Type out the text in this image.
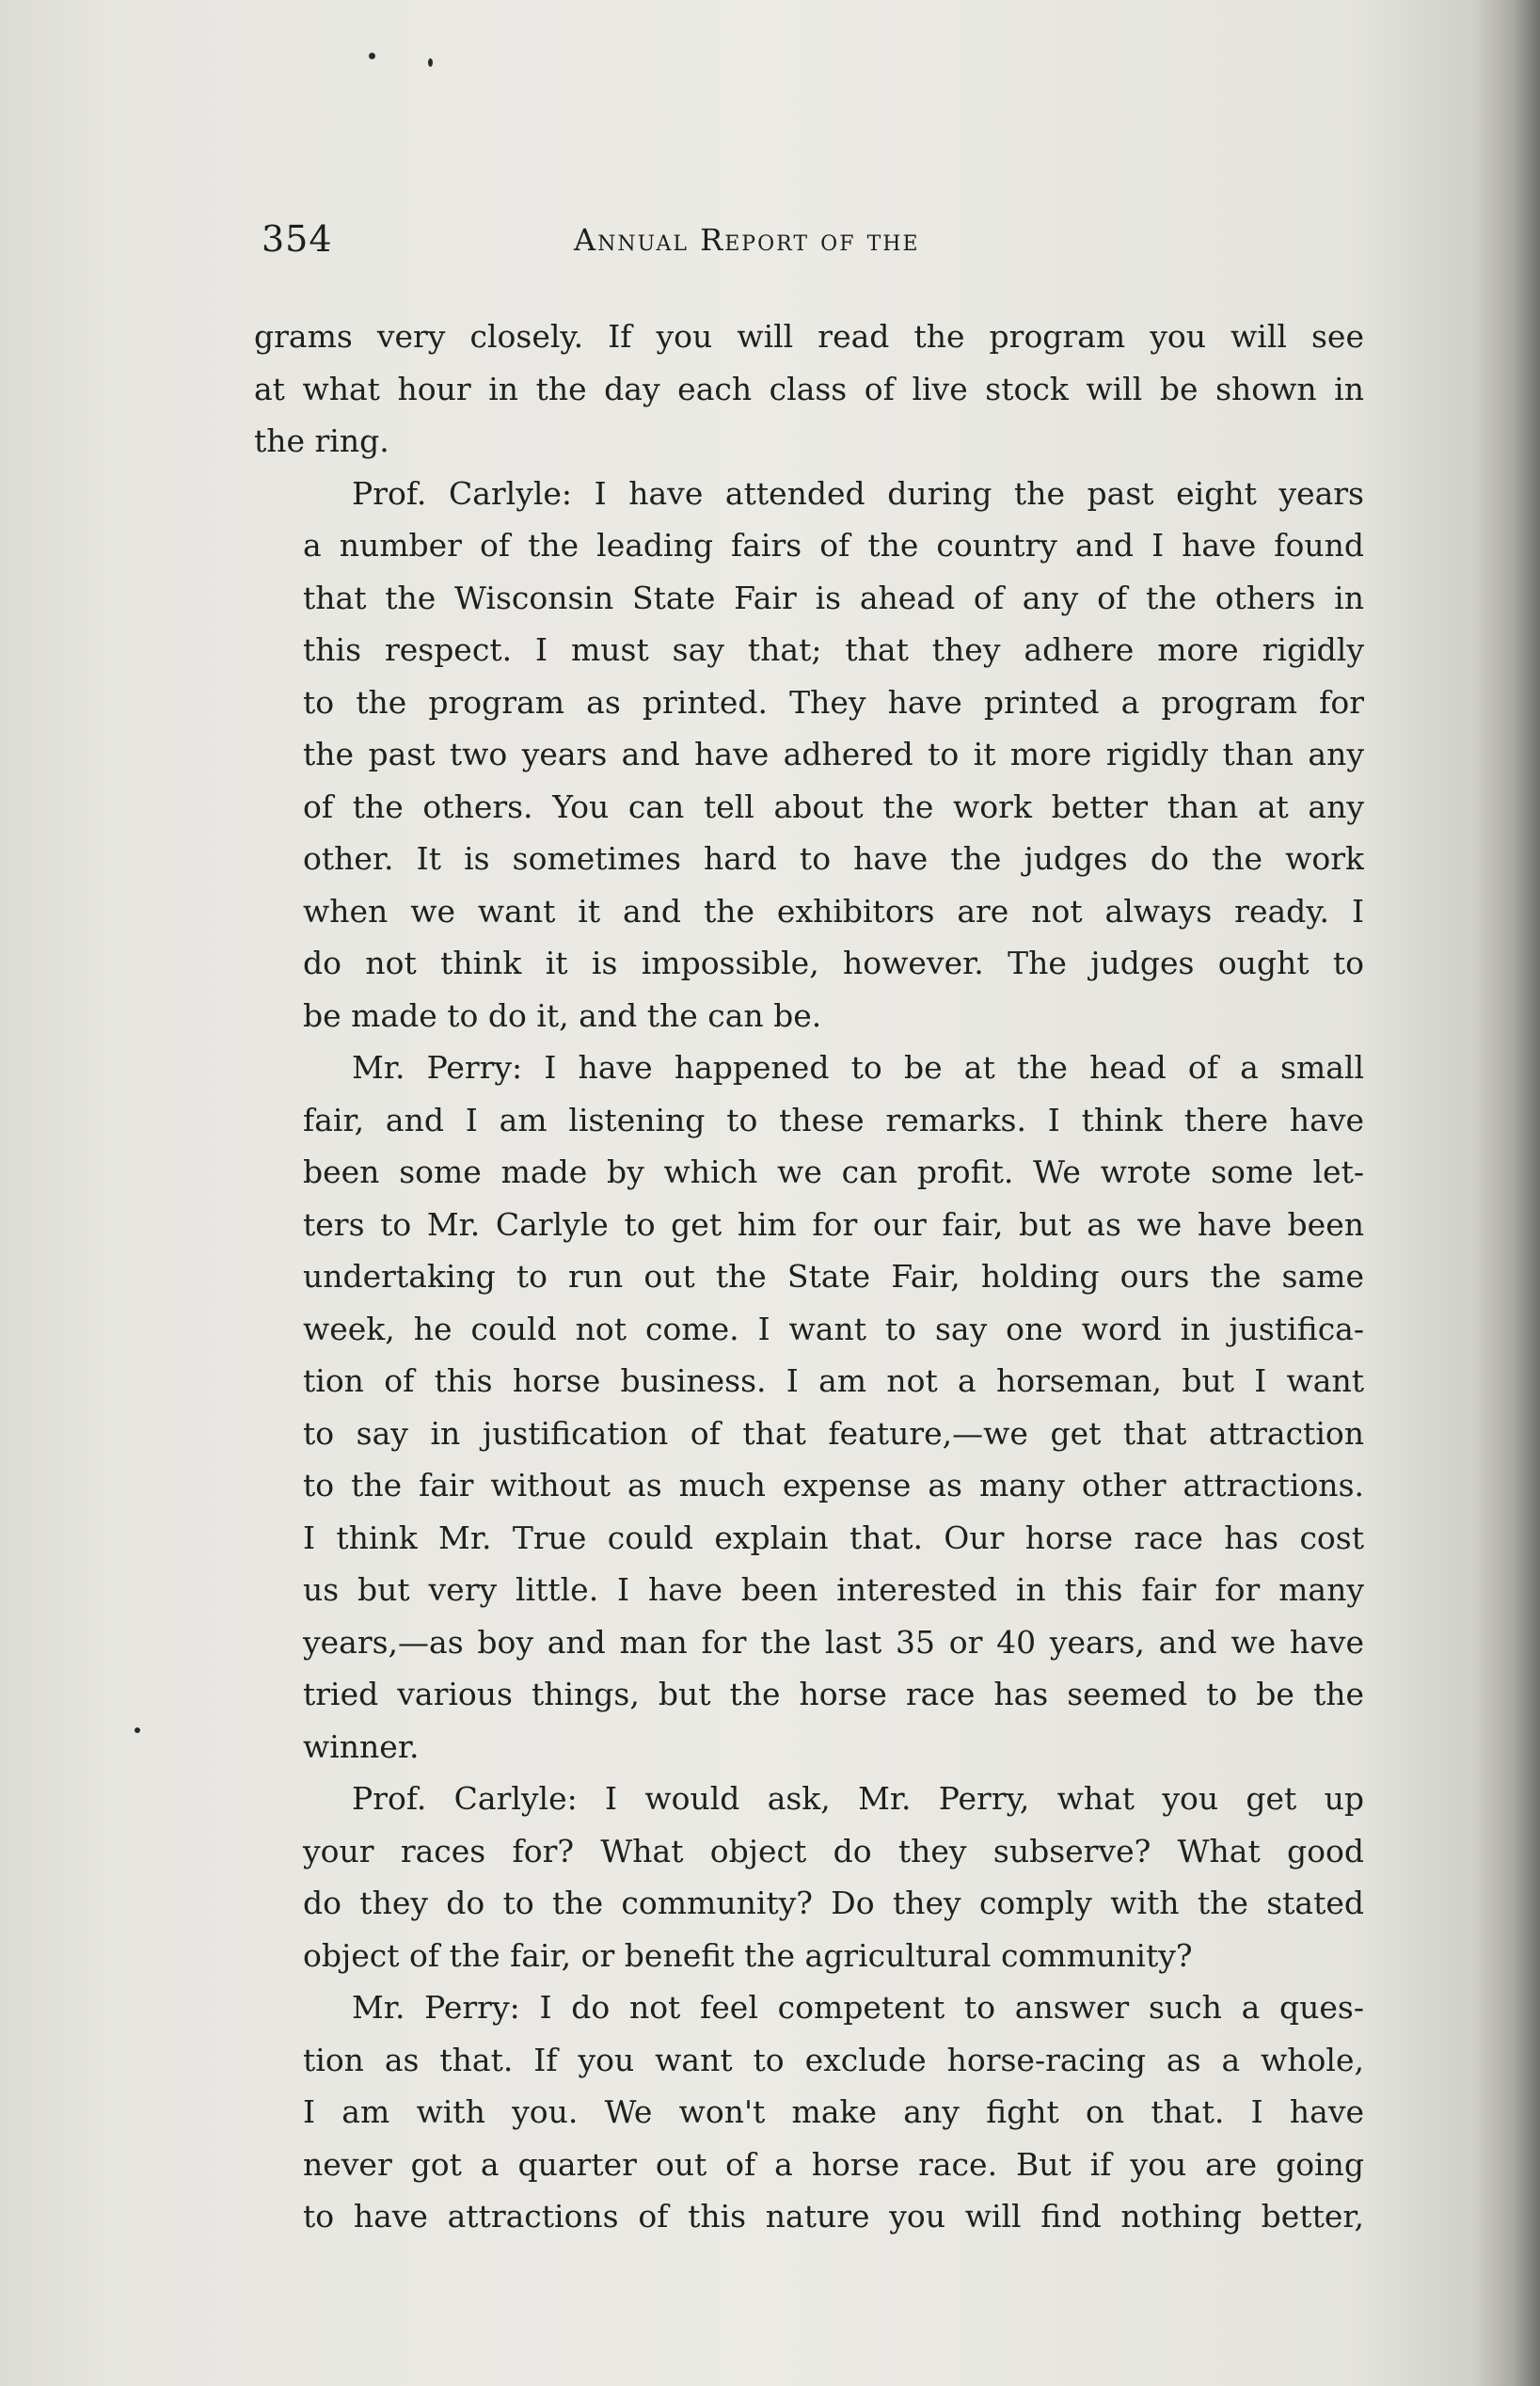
354	Annual Report of the
grams very closely. If you will read the program you will see
at what hour in the day each class of live stock will be shown in
the ring.
Prof. Carlyle: I have attended during the past eight years
a number of the leading fairs of the country and I have found
that the Wisconsin State Fair is ahead of any of the others in
this respect. I must say that; that they adhere more rigidly
to the program as printed. They have printed a program for
the past two years and have adhered to it more rigidly than any
of the others. You can tell about the work better than at any
other. It is sometimes hard to have the judges do the work
when we want it and the exhibitors are not always ready. I
do not think it is impossible, however. The judges ought to
be made to do it, and the can be.
Mr. Perry: I have happened to be at the head of a small
fair, and I am listening to these remarks. I think there have
been some made by which we can profit. We wrote some let-
ters to Mr. Carlyle to get him for our fair, but as we have been
undertaking to run out the State Fair, holding ours the same
week, he could not come. I want to say one word in justifica-
tion of this horse business. I am not a horseman, but I want
to say in justification of that feature,—we get that attraction
to the fair without as much expense as many other attractions.
I think Mr. True could explain that. Our horse race has cost
us but very little. I have been interested in this fair for many
years,—as boy and man for the last 35 or 40 years, and we have
tried various things, but the horse race has seemed to be the
winner.
Prof. Carlyle: I would ask, Mr. Perry, what you get up
your races for? What object do they subserve? What good
do they do to the community? Do they comply with the stated
object of the fair, or benefit the agricultural community?
Mr. Perry: I do not feel competent to answer such a ques-
tion as that. If you want to exclude horse-racing as a whole,
I am with you. We won't make any fight on that. I have
never got a quarter out of a horse race. But if you are going
to have attractions of this nature you will find nothing better,
